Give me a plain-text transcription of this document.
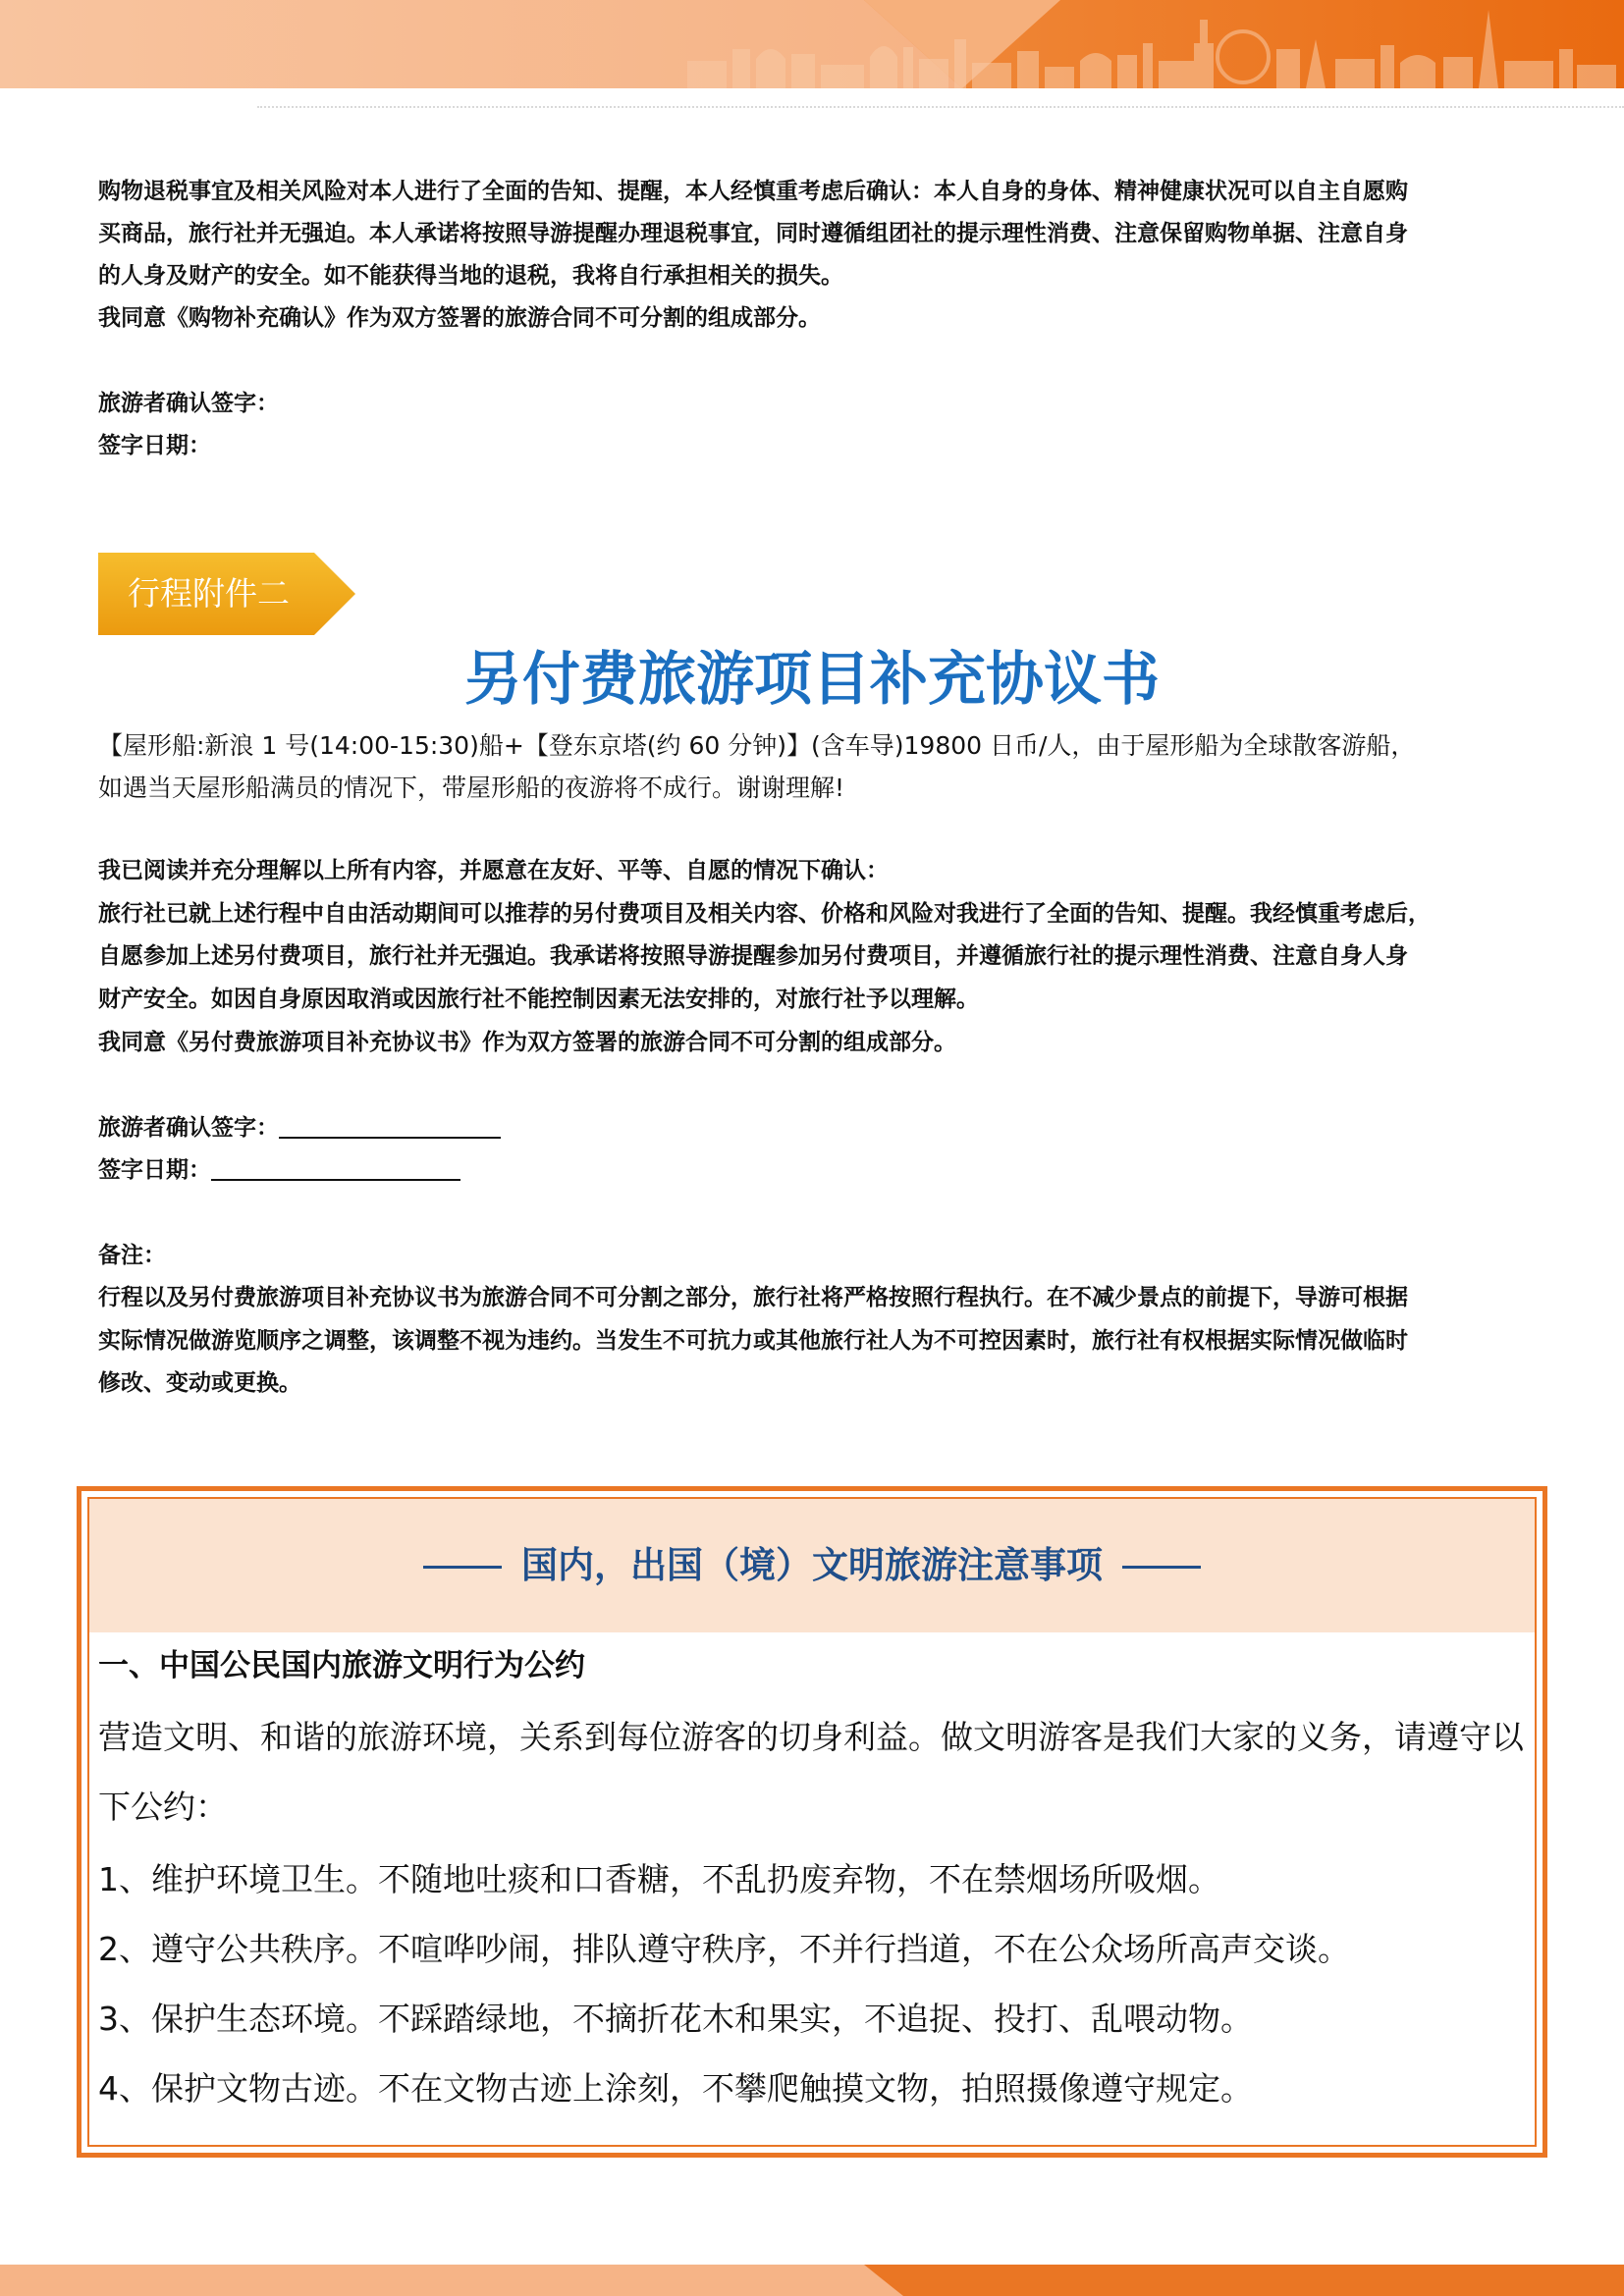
购物退税事宜及相关风险对本人进行了全面的告知、提醒，本人经慎重考虑后确认：本人自身的身体、精神健康状况可以自主自愿购

买商品，旅行社并无强迫。本人承诺将按照导游提醒办理退税事宜，同时遵循组团社的提示理性消费、注意保留购物单据、注意自身

的人身及财产的安全。如不能获得当地的退税，我将自行承担相关的损失。

我同意《购物补充确认》作为双方签署的旅游合同不可分割的组成部分。

旅游者确认签字：

签字日期：

行程附件二
另付费旅游项目补充协议书

【屋形船:新浪 1 号(14:00-15:30)船+【登东京塔(约 60 分钟)】(含车导)19800 日币/人，由于屋形船为全球散客游船，

如遇当天屋形船满员的情况下，带屋形船的夜游将不成行。谢谢理解!

我已阅读并充分理解以上所有内容，并愿意在友好、平等、自愿的情况下确认：

旅行社已就上述行程中自由活动期间可以推荐的另付费项目及相关内容、价格和风险对我进行了全面的告知、提醒。我经慎重考虑后，

自愿参加上述另付费项目，旅行社并无强迫。我承诺将按照导游提醒参加另付费项目，并遵循旅行社的提示理性消费、注意自身人身

财产安全。如因自身原因取消或因旅行社不能控制因素无法安排的，对旅行社予以理解。

我同意《另付费旅游项目补充协议书》作为双方签署的旅游合同不可分割的组成部分。

旅游者确认签字：

签字日期：

备注：

行程以及另付费旅游项目补充协议书为旅游合同不可分割之部分，旅行社将严格按照行程执行。在不减少景点的前提下，导游可根据

实际情况做游览顺序之调整，该调整不视为违约。当发生不可抗力或其他旅行社人为不可控因素时，旅行社有权根据实际情况做临时

修改、变动或更换。

国内，出国（境）文明旅游注意事项
一、中国公民国内旅游文明行为公约

营造文明、和谐的旅游环境，关系到每位游客的切身利益。做文明游客是我们大家的义务，请遵守以下公约：

1、维护环境卫生。不随地吐痰和口香糖，不乱扔废弃物，不在禁烟场所吸烟。

2、遵守公共秩序。不喧哗吵闹，排队遵守秩序，不并行挡道，不在公众场所高声交谈。

3、保护生态环境。不踩踏绿地，不摘折花木和果实，不追捉、投打、乱喂动物。

4、保护文物古迹。不在文物古迹上涂刻，不攀爬触摸文物，拍照摄像遵守规定。
